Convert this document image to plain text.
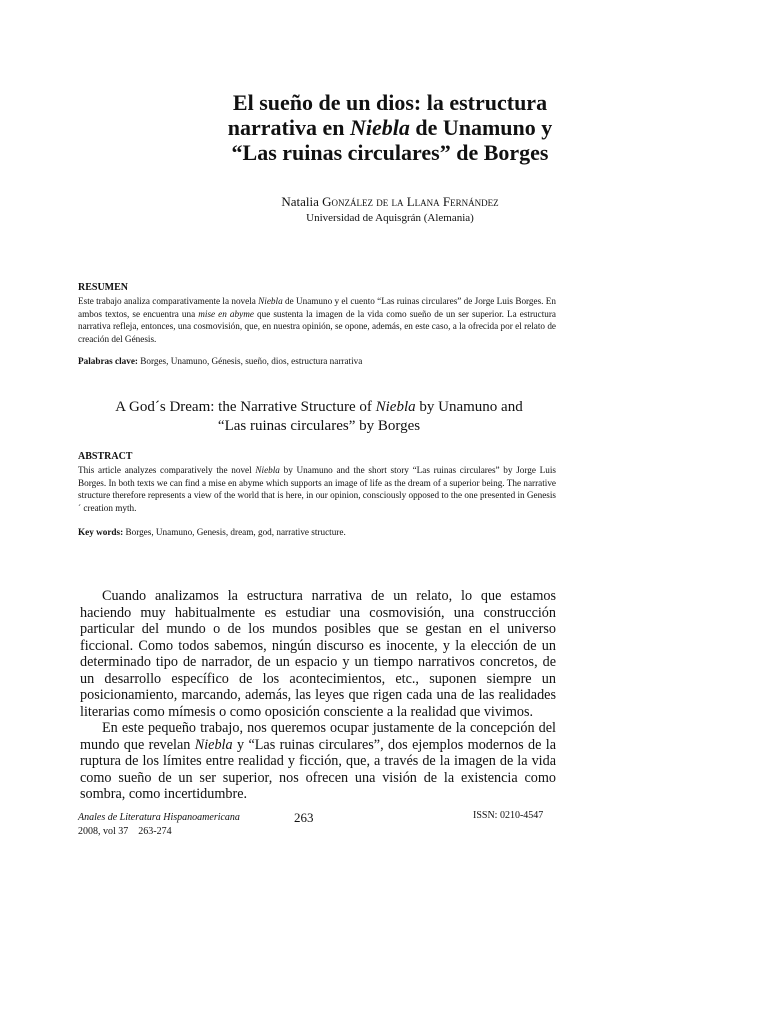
El sueño de un dios: la estructura
narrativa en Niebla de Unamuno y
“Las ruinas circulares” de Borges
Natalia González de la Llana Fernández
Universidad de Aquisgrán (Alemania)
RESUMEN
Este trabajo analiza comparativamente la novela Niebla de Unamuno y el cuento “Las ruinas circulares” de Jorge Luis Borges. En ambos textos, se encuentra una mise en abyme que sustenta la imagen de la vida como sueño de un ser superior. La estructura narrativa refleja, entonces, una cosmovisión, que, en nuestra opinión, se opone, además, en este caso, a la ofrecida por el relato de creación del Génesis.
Palabras clave: Borges, Unamuno, Génesis, sueño, dios, estructura narrativa
A God´s Dream: the Narrative Structure of Niebla by Unamuno and
“Las ruinas circulares” by Borges
ABSTRACT
This article analyzes comparatively the novel Niebla by Unamuno and the short story “Las ruinas circulares” by Jorge Luis Borges. In both texts we can find a mise en abyme which supports an image of life as the dream of a superior being. The narrative structure therefore represents a view of the world that is here, in our opinion, consciously opposed to the one presented in Genesis´ creation myth.
Key words: Borges, Unamuno, Genesis, dream, god, narrative structure.

Cuando analizamos la estructura narrativa de un relato, lo que estamos haciendo muy habitualmente es estudiar una cosmovisión, una construcción particular del mundo o de los mundos posibles que se gestan en el universo ficcional. Como todos sabemos, ningún discurso es inocente, y la elección de un determinado tipo de narrador, de un espacio y un tiempo narrativos concretos, de un desarrollo específico de los acontecimientos, etc., suponen siempre un posicionamiento, marcando, además, las leyes que rigen cada una de las realidades literarias como mímesis o como oposición consciente a la realidad que vivimos.

En este pequeño trabajo, nos queremos ocupar justamente de la concepción del mundo que revelan Niebla y “Las ruinas circulares”, dos ejemplos modernos de la ruptura de los límites entre realidad y ficción, que, a través de la imagen de la vida como sueño de un ser superior, nos ofrecen una visión de la existencia como sombra, como incertidumbre.

Anales de Literatura Hispanoamericana	263	ISSN: 0210-4547
2008, vol 37    263-274
